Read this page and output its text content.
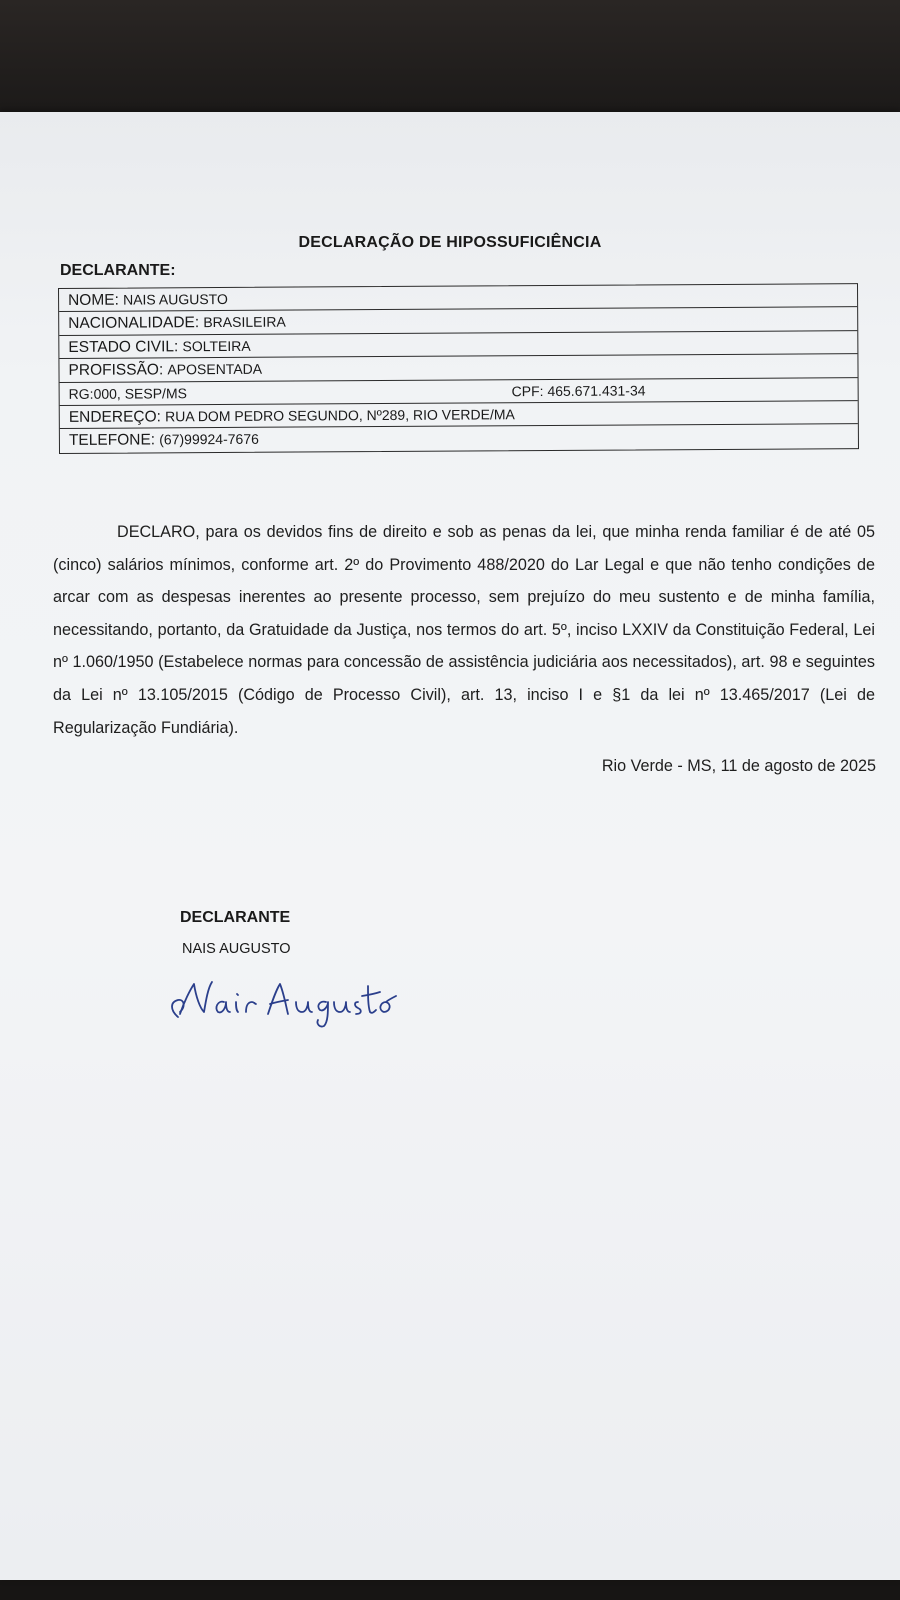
DECLARAÇÃO DE HIPOSSUFICIÊNCIA
DECLARANTE:
NOME: NAIS AUGUSTO
NACIONALIDADE: BRASILEIRA
ESTADO CIVIL: SOLTEIRA
PROFISSÃO: APOSENTADA
RG:000, SESP/MS	CPF: 465.671.431-34
ENDEREÇO: RUA DOM PEDRO SEGUNDO, Nº289, RIO VERDE/MA
TELEFONE: (67)99924-7676

DECLARO, para os devidos fins de direito e sob as penas da lei, que minha renda familiar é de até 05 (cinco) salários mínimos, conforme art. 2º do Provimento 488/2020 do Lar Legal e que não tenho condições de arcar com as despesas inerentes ao presente processo, sem prejuízo do meu sustento e de minha família, necessitando, portanto, da Gratuidade da Justiça, nos termos do art. 5º, inciso LXXIV da Constituição Federal, Lei nº 1.060/1950 (Estabelece normas para concessão de assistência judiciária aos necessitados), art. 98 e seguintes da Lei nº 13.105/2015 (Código de Processo Civil), art. 13, inciso I e §1 da lei nº 13.465/2017 (Lei de Regularização Fundiária).

Rio Verde - MS, 11 de agosto de 2025
DECLARANTE
NAIS AUGUSTO
